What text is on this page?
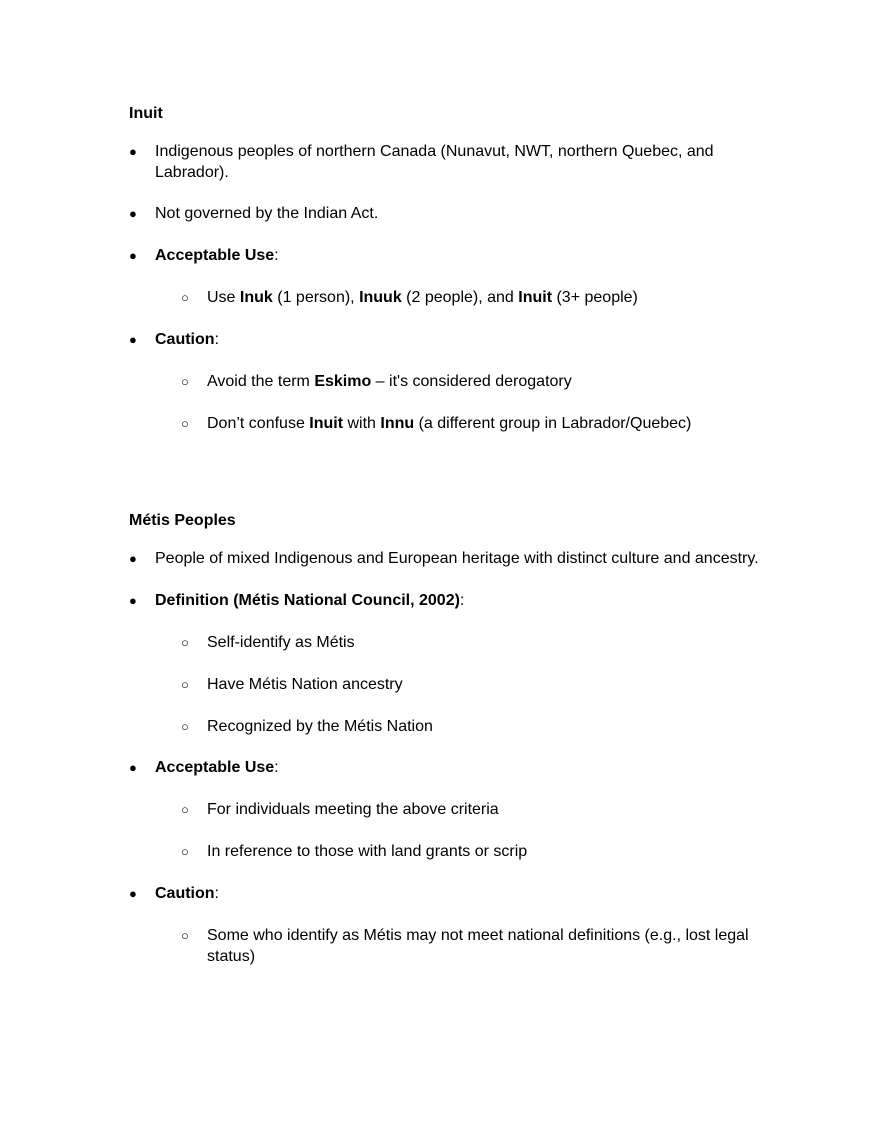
Inuit
●	Indigenous peoples of northern Canada (Nunavut, NWT, northern Quebec, and Labrador).
●	Not governed by the Indian Act.
●	Acceptable Use:
○	Use Inuk (1 person), Inuuk (2 people), and Inuit (3+ people)
●	Caution:
○	Avoid the term Eskimo – it's considered derogatory
○	Don’t confuse Inuit with Innu (a different group in Labrador/Quebec)
Métis Peoples
●	People of mixed Indigenous and European heritage with distinct culture and ancestry.
●	Definition (Métis National Council, 2002):
○	Self-identify as Métis
○	Have Métis Nation ancestry
○	Recognized by the Métis Nation
●	Acceptable Use:
○	For individuals meeting the above criteria
○	In reference to those with land grants or scrip
●	Caution:
○	Some who identify as Métis may not meet national definitions (e.g., lost legal status)
